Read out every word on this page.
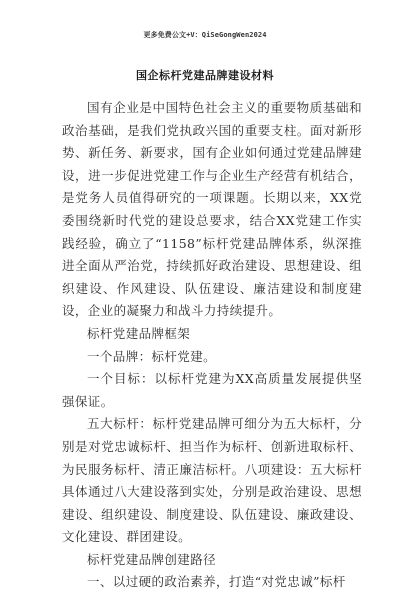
更多免费公文+V：QiSeGongWen2024
国企标杆党建品牌建设材料

国有企业是中国特色社会主义的重要物质基础和政治基础，是我们党执政兴国的重要支柱。面对新形势、新任务、新要求，国有企业如何通过党建品牌建设，进一步促进党建工作与企业生产经营有机结合，是党务人员值得研究的一项课题。长期以来，XX党委围绕新时代党的建设总要求，结合XX党建工作实践经验，确立了“1158”标杆党建品牌体系，纵深推进全面从严治党，持续抓好政治建设、思想建设、组织建设、作风建设、队伍建设、廉洁建设和制度建设，企业的凝聚力和战斗力持续提升。

标杆党建品牌框架

一个品牌：标杆党建。

一个目标：以标杆党建为XX高质量发展提供坚强保证。

五大标杆：标杆党建品牌可细分为五大标杆，分别是对党忠诚标杆、担当作为标杆、创新进取标杆、为民服务标杆、清正廉洁标杆。八项建设：五大标杆具体通过八大建设落到实处，分别是政治建设、思想建设、组织建设、制度建设、队伍建设、廉政建设、文化建设、群团建设。

标杆党建品牌创建路径

一、以过硬的政治素养，打造“对党忠诚”标杆
